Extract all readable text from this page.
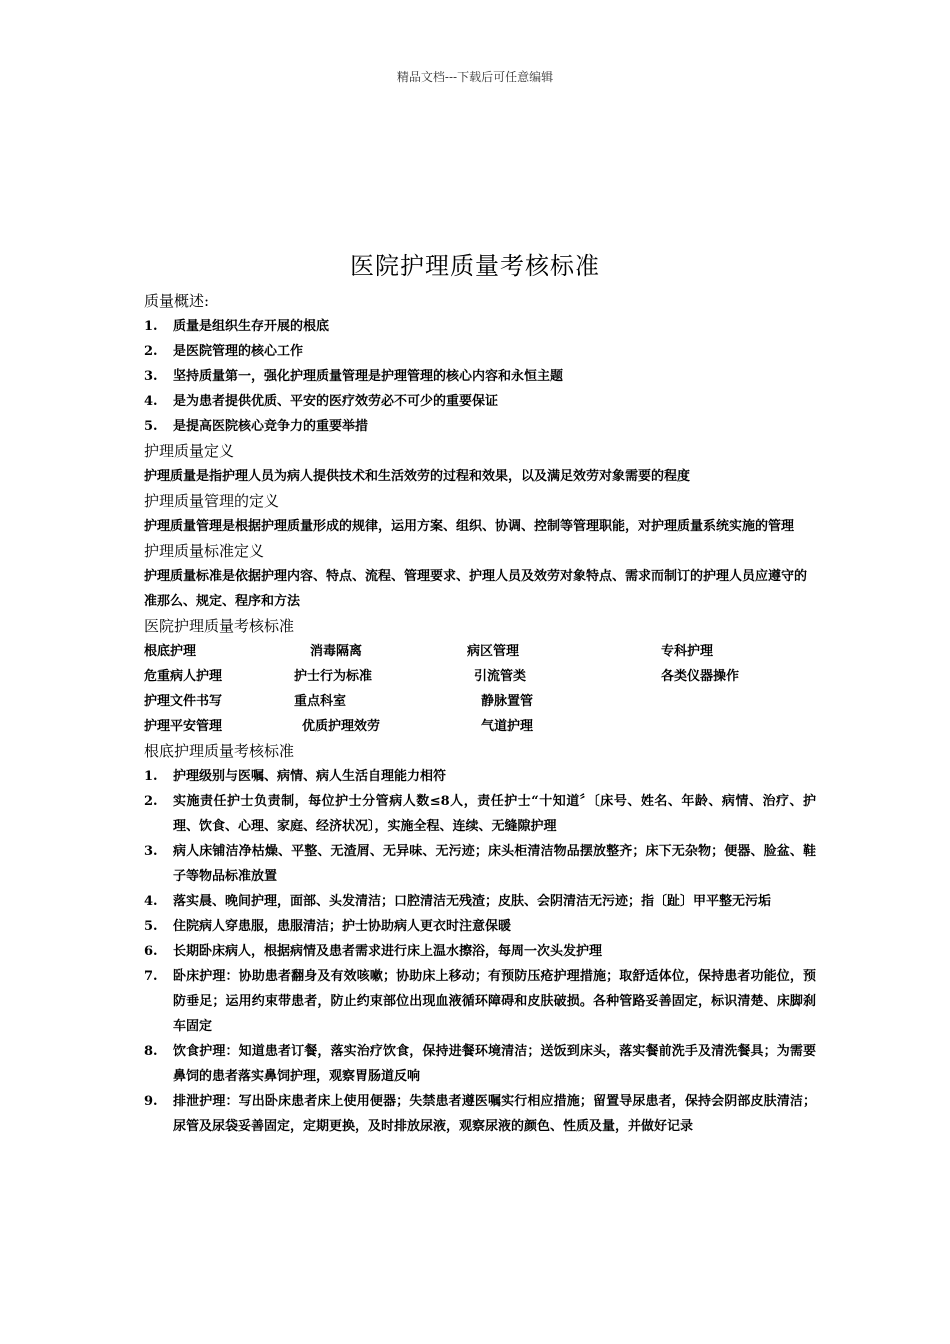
精品文档---下载后可任意编辑
医院护理质量考核标准
质量概述:
1.	质量是组织生存开展的根底
2.	是医院管理的核心工作
3.	坚持质量第一，强化护理质量管理是护理管理的核心内容和永恒主题
4.	是为患者提供优质、平安的医疗效劳必不可少的重要保证
5.	是提高医院核心竞争力的重要举措
护理质量定义
护理质量是指护理人员为病人提供技术和生活效劳的过程和效果，以及满足效劳对象需要的程度
护理质量管理的定义
护理质量管理是根据护理质量形成的规律，运用方案、组织、协调、控制等管理职能，对护理质量系统实施的管理
护理质量标准定义
护理质量标准是依据护理内容、特点、流程、管理要求、护理人员及效劳对象特点、需求而制订的护理人员应遵守的准那么、规定、程序和方法
医院护理质量考核标准
根底护理	消毒隔离	病区管理	专科护理
危重病人护理	护士行为标准	引流管类	各类仪器操作
护理文件书写	重点科室	静脉置管
护理平安管理	优质护理效劳	气道护理
根底护理质量考核标准
1.	护理级别与医嘱、病情、病人生活自理能力相符
2.	实施责任护士负责制，每位护士分管病人数≤8人，责任护士“十知道〞〔床号、姓名、年龄、病情、治疗、护理、饮食、心理、家庭、经济状况〕，实施全程、连续、无缝隙护理
3.	病人床铺洁净枯燥、平整、无渣屑、无异味、无污迹；床头柜清洁物品摆放整齐；床下无杂物；便器、脸盆、鞋子等物品标准放置
4.	落实晨、晚间护理，面部、头发清洁；口腔清洁无残渣；皮肤、会阴清洁无污迹；指〔趾〕甲平整无污垢
5.	住院病人穿患服，患服清洁；护士协助病人更衣时注意保暖
6.	长期卧床病人，根据病情及患者需求进行床上温水擦浴，每周一次头发护理
7.	卧床护理：协助患者翻身及有效咳嗽；协助床上移动；有预防压疮护理措施；取舒适体位，保持患者功能位，预防垂足；运用约束带患者，防止约束部位出现血液循环障碍和皮肤破损。各种管路妥善固定，标识清楚、床脚刹车固定
8.	饮食护理：知道患者订餐，落实治疗饮食，保持进餐环境清洁；送饭到床头，落实餐前洗手及清洗餐具；为需要鼻饲的患者落实鼻饲护理，观察胃肠道反响
9.	排泄护理：写出卧床患者床上使用便器；失禁患者遵医嘱实行相应措施；留置导尿患者，保持会阴部皮肤清洁；尿管及尿袋妥善固定，定期更换，及时排放尿液，观察尿液的颜色、性质及量，并做好记录
